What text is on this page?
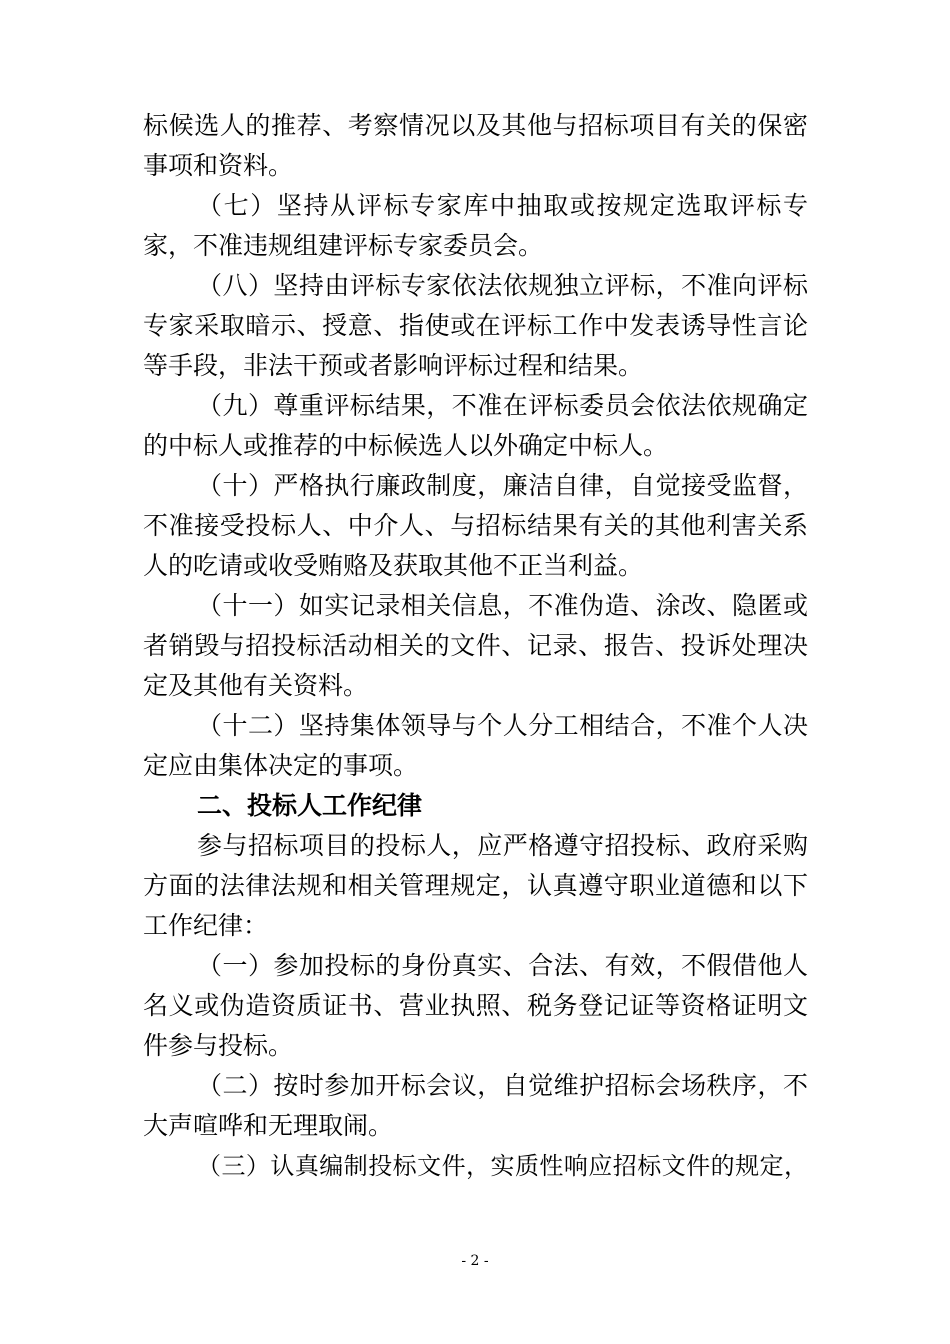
标候选人的推荐、考察情况以及其他与招标项目有关的保密
事项和资料。
（七）坚持从评标专家库中抽取或按规定选取评标专
家，不准违规组建评标专家委员会。
（八）坚持由评标专家依法依规独立评标，不准向评标
专家采取暗示、授意、指使或在评标工作中发表诱导性言论
等手段，非法干预或者影响评标过程和结果。
（九）尊重评标结果，不准在评标委员会依法依规确定
的中标人或推荐的中标候选人以外确定中标人。
（十）严格执行廉政制度，廉洁自律，自觉接受监督，
不准接受投标人、中介人、与招标结果有关的其他利害关系
人的吃请或收受贿赂及获取其他不正当利益。
（十一）如实记录相关信息，不准伪造、涂改、隐匿或
者销毁与招投标活动相关的文件、记录、报告、投诉处理决
定及其他有关资料。
（十二）坚持集体领导与个人分工相结合，不准个人决
定应由集体决定的事项。
二、投标人工作纪律
参与招标项目的投标人，应严格遵守招投标、政府采购
方面的法律法规和相关管理规定，认真遵守职业道德和以下
工作纪律：
（一）参加投标的身份真实、合法、有效，不假借他人
名义或伪造资质证书、营业执照、税务登记证等资格证明文
件参与投标。
（二）按时参加开标会议，自觉维护招标会场秩序，不
大声喧哗和无理取闹。
（三）认真编制投标文件，实质性响应招标文件的规定，
- 2 -
